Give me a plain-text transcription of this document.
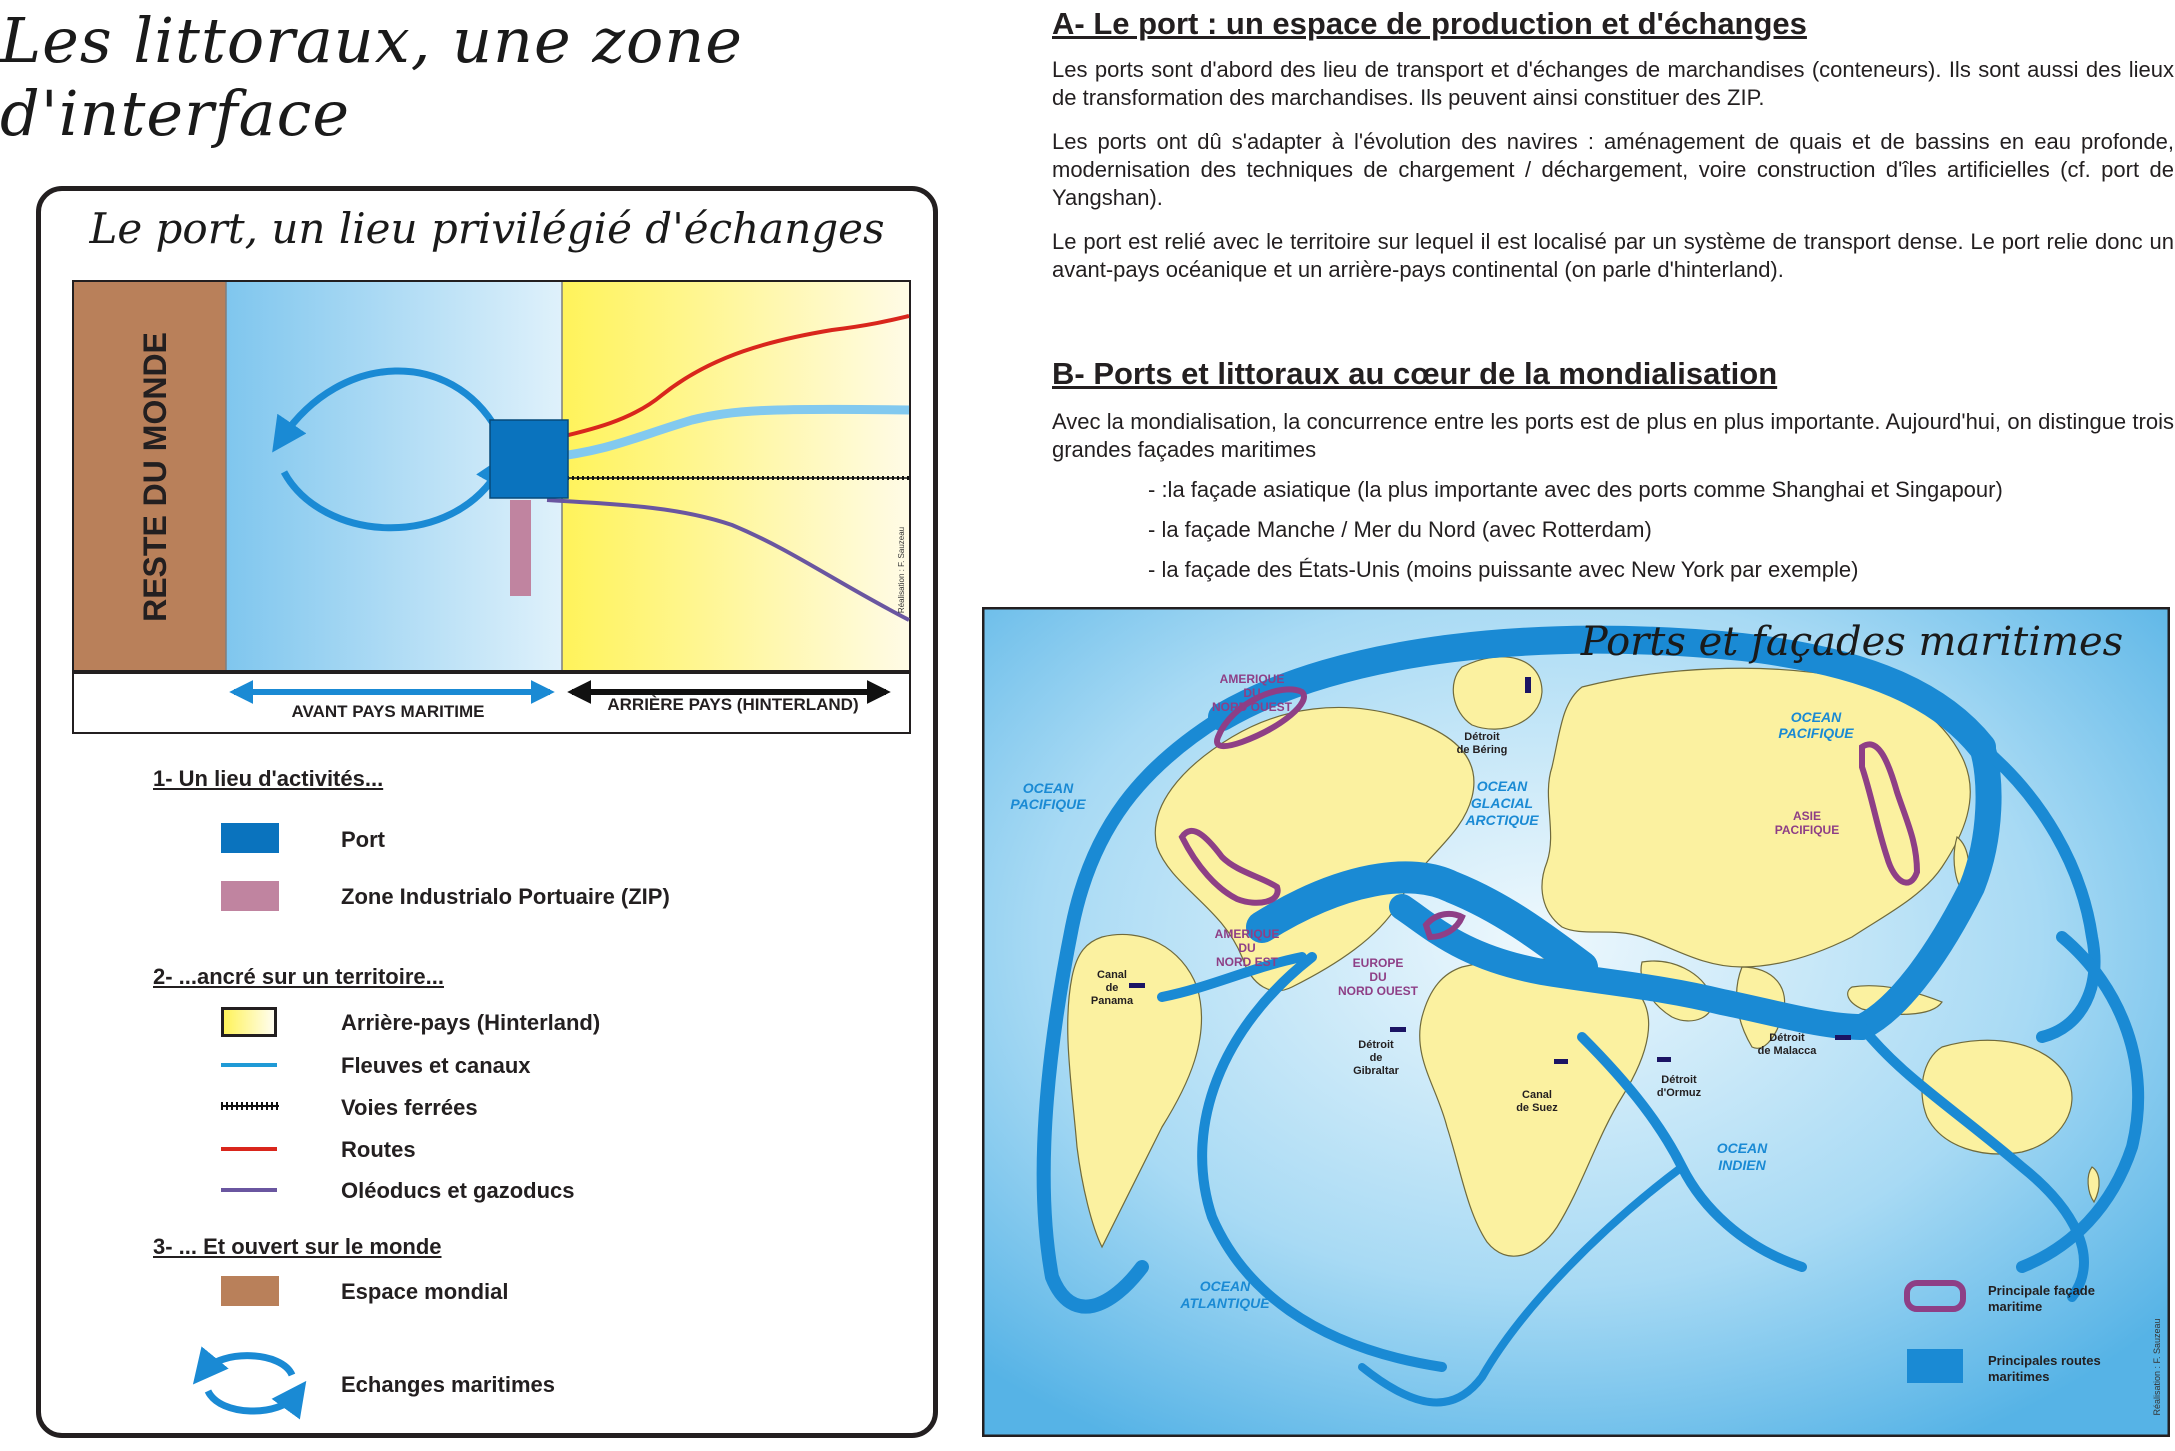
Les littoraux, une zone d'interface
Le port, un lieu privilégié d'échanges
RESTE DU MONDE	Réalisation : F. Sauzeau
AVANT PAYS MARITIME	ARRIÈRE PAYS (HINTERLAND)
1- Un lieu d'activités...
Port
Zone Industrialo Portuaire (ZIP)
2- ...ancré sur un territoire...
Arrière-pays (Hinterland)
Fleuves et canaux
Voies ferrées
Routes
Oléoducs et gazoducs
3- ... Et ouvert sur le monde
Espace mondial
Echanges maritimes
A- Le port : un espace de production et d'échanges
Les ports sont d'abord des lieu de transport et d'échanges de marchandises (conteneurs). Ils sont aussi des lieux de transformation des marchandises. Ils peuvent ainsi constituer des ZIP.
Les ports ont dû s'adapter à l'évolution des navires : aménagement de quais et de bassins en eau profonde, modernisation des techniques de chargement / déchargement, voire construction d'îles artificielles (cf. port de Yangshan).
Le port est relié avec le territoire sur lequel il est localisé par un système de transport dense. Le port relie donc un avant-pays océanique et un arrière-pays continental (on parle d'hinterland).
B- Ports et littoraux au cœur de la mondialisation
Avec la mondialisation, la concurrence entre les ports est de plus en plus importante. Aujourd'hui, on distingue trois grandes façades maritimes
- :la façade asiatique (la plus importante avec des ports comme Shanghai et Singapour)
- la façade Manche / Mer du Nord (avec Rotterdam)
- la façade des États-Unis (moins puissante avec New York par exemple)
Ports et façades maritimes
AMERIQUE
DU
NORD OUEST
AMERIQUE
DU
NORD EST	EUROPE
DU
NORD OUEST
ASIE
PACIFIQUE
OCEAN
PACIFIQUE
OCEAN
PACIFIQUE
OCEAN
GLACIAL
ARCTIQUE
OCEAN
ATLANTIQUE
OCEAN
INDIEN
Détroit
de Béring
Canal
de
Panama
Détroit
de
Gibraltar
Canal
de Suez
Détroit
d'Ormuz
Détroit
de Malacca
Principale façade
maritime
Principales routes
maritimes	Réalisation : F. Sauzeau
